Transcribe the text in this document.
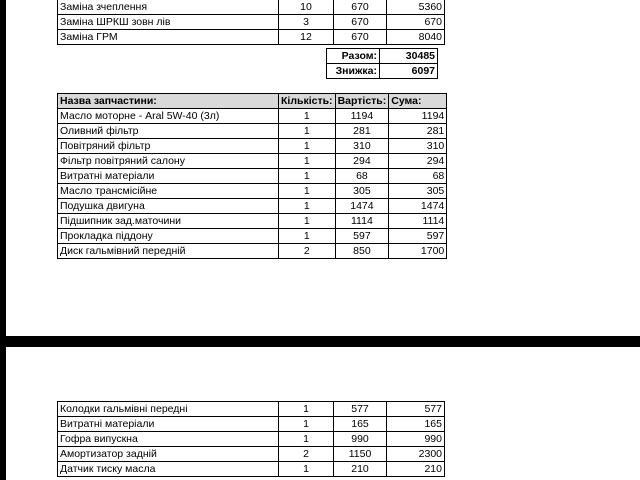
Заміна зчеплення	10	670	5360
Заміна ШРКШ зовн лів	3	670	670
Заміна ГРМ	12	670	8040
Разом:	30485
Знижка:	6097
Назва запчастини:	Кількість:	Вартість:	Сума:
Масло моторне - Aral 5W-40 (3л)	1	1194	1194
Оливний фільтр	1	281	281
Повітряний фільтр	1	310	310
Фільтр повітряний салону	1	294	294
Витратні матеріали	1	68	68
Масло трансмісійне	1	305	305
Подушка двигуна	1	1474	1474
Підшипник зад.маточини	1	1114	1114
Прокладка піддону	1	597	597
Диск гальмівний передній	2	850	1700
Колодки гальмівні передні	1	577	577
Витратні матеріали	1	165	165
Гофра випускна	1	990	990
Амортизатор задній	2	1150	2300
Датчик тиску масла	1	210	210
